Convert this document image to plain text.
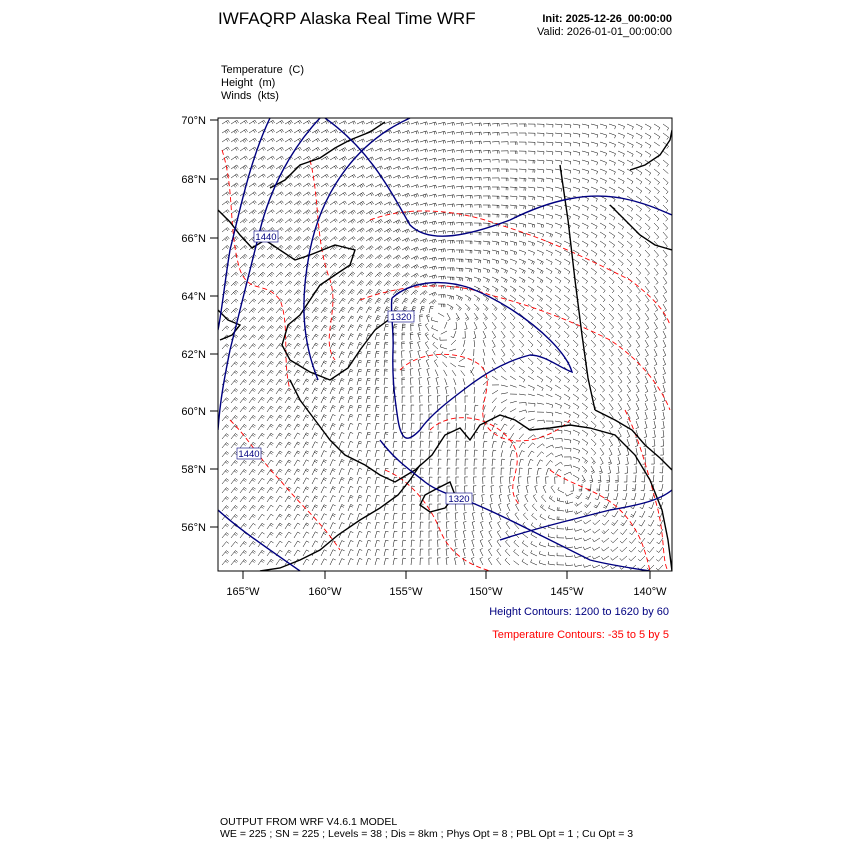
IWFAQRP Alaska Real Time WRF	Init: 2025-12-26_00:00:00
Valid: 2026-01-01_00:00:00
Temperature (C)
Height (m)
Winds (kts)
1440
1320
1440
1320
70°N
68°N
66°N
64°N
62°N
60°N
58°N
56°N
165°W	160°W	155°W	150°W	145°W	140°W
Height Contours: 1200 to 1620 by 60
Temperature Contours: -35 to 5 by 5
OUTPUT FROM WRF V4.6.1 MODEL
WE = 225 ; SN = 225 ; Levels = 38 ; Dis = 8km ; Phys Opt = 8 ; PBL Opt = 1 ; Cu Opt = 3
